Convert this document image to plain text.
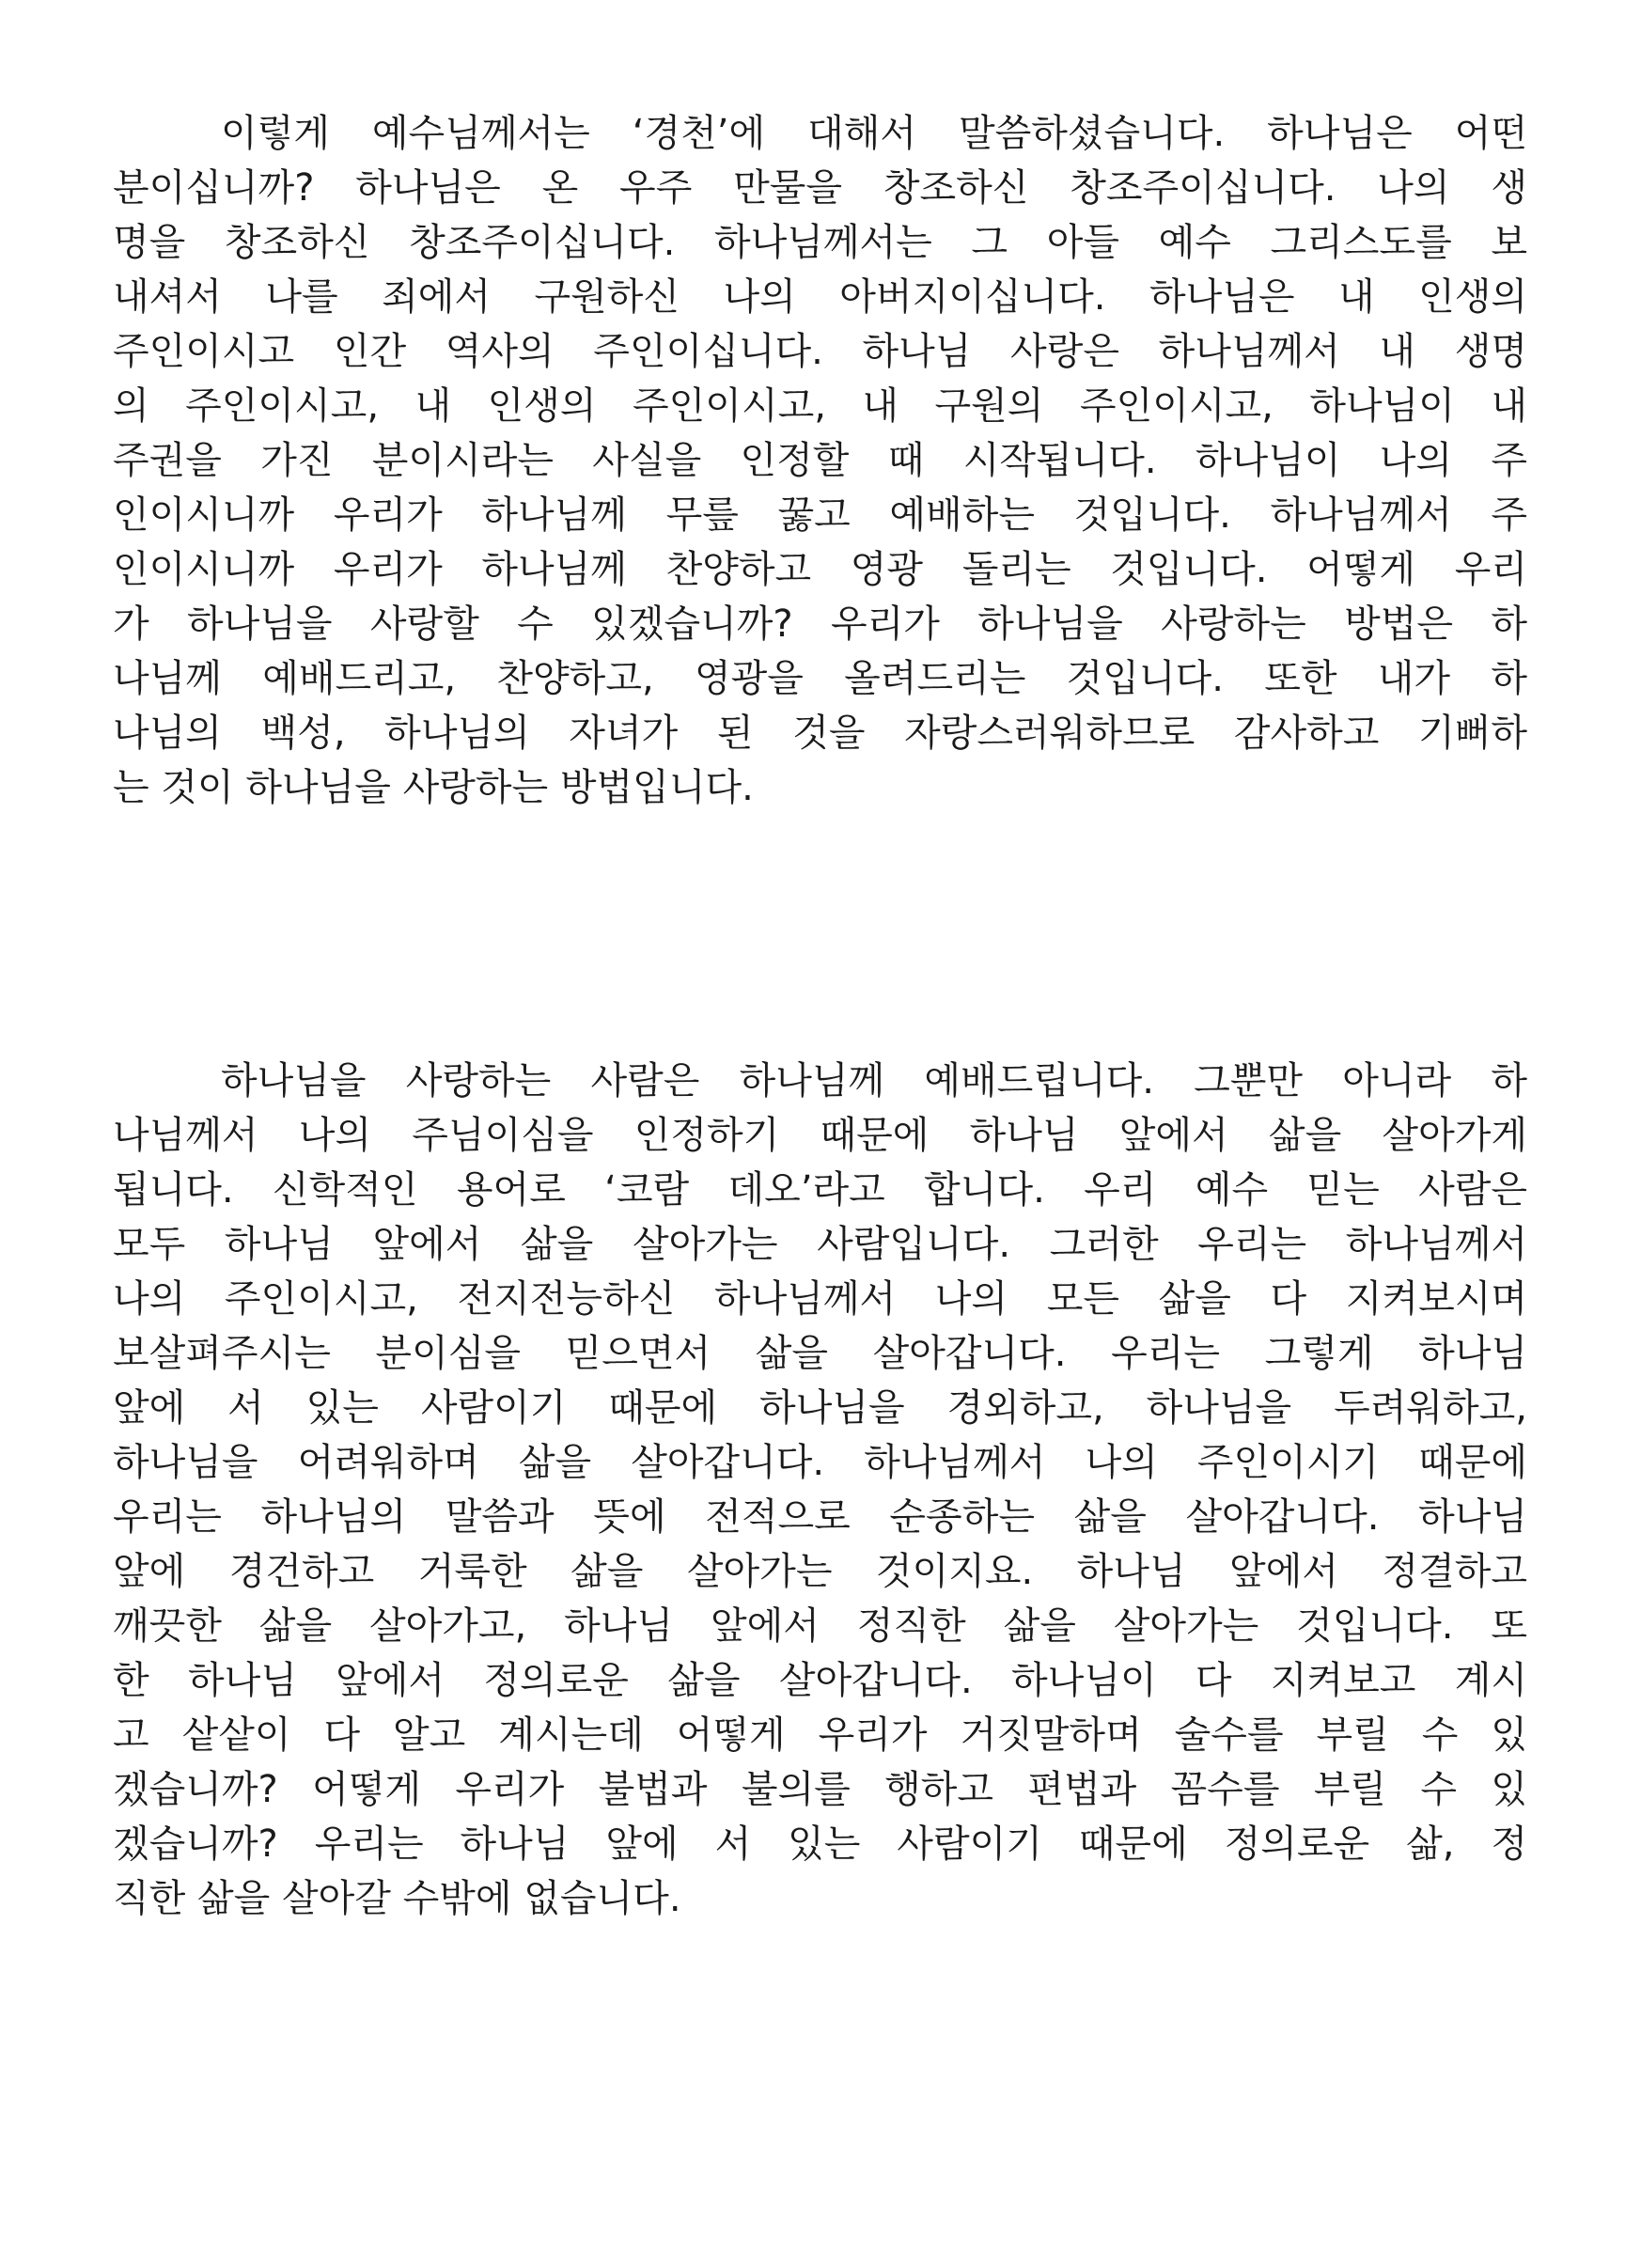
이렇게 예수님께서는 ‘경천’에 대해서 말씀하셨습니다. 하나님은 어떤
분이십니까? 하나님은 온 우주 만물을 창조하신 창조주이십니다. 나의 생
명을 창조하신 창조주이십니다. 하나님께서는 그 아들 예수 그리스도를 보
내셔서 나를 죄에서 구원하신 나의 아버지이십니다. 하나님은 내 인생의
주인이시고 인간 역사의 주인이십니다. 하나님 사랑은 하나님께서 내 생명
의 주인이시고, 내 인생의 주인이시고, 내 구원의 주인이시고, 하나님이 내
주권을 가진 분이시라는 사실을 인정할 때 시작됩니다. 하나님이 나의 주
인이시니까 우리가 하나님께 무릎 꿇고 예배하는 것입니다. 하나님께서 주
인이시니까 우리가 하나님께 찬양하고 영광 돌리는 것입니다. 어떻게 우리
가 하나님을 사랑할 수 있겠습니까? 우리가 하나님을 사랑하는 방법은 하
나님께 예배드리고, 찬양하고, 영광을 올려드리는 것입니다. 또한 내가 하
나님의 백성, 하나님의 자녀가 된 것을 자랑스러워하므로 감사하고 기뻐하
는 것이 하나님을 사랑하는 방법입니다.
하나님을 사랑하는 사람은 하나님께 예배드립니다. 그뿐만 아니라 하
나님께서 나의 주님이심을 인정하기 때문에 하나님 앞에서 삶을 살아가게
됩니다. 신학적인 용어로 ‘코람 데오’라고 합니다. 우리 예수 믿는 사람은
모두 하나님 앞에서 삶을 살아가는 사람입니다. 그러한 우리는 하나님께서
나의 주인이시고, 전지전능하신 하나님께서 나의 모든 삶을 다 지켜보시며
보살펴주시는 분이심을 믿으면서 삶을 살아갑니다. 우리는 그렇게 하나님
앞에 서 있는 사람이기 때문에 하나님을 경외하고, 하나님을 두려워하고,
하나님을 어려워하며 삶을 살아갑니다. 하나님께서 나의 주인이시기 때문에
우리는 하나님의 말씀과 뜻에 전적으로 순종하는 삶을 살아갑니다. 하나님
앞에 경건하고 거룩한 삶을 살아가는 것이지요. 하나님 앞에서 정결하고
깨끗한 삶을 살아가고, 하나님 앞에서 정직한 삶을 살아가는 것입니다. 또
한 하나님 앞에서 정의로운 삶을 살아갑니다. 하나님이 다 지켜보고 계시
고 샅샅이 다 알고 계시는데 어떻게 우리가 거짓말하며 술수를 부릴 수 있
겠습니까? 어떻게 우리가 불법과 불의를 행하고 편법과 꼼수를 부릴 수 있
겠습니까? 우리는 하나님 앞에 서 있는 사람이기 때문에 정의로운 삶, 정
직한 삶을 살아갈 수밖에 없습니다.
